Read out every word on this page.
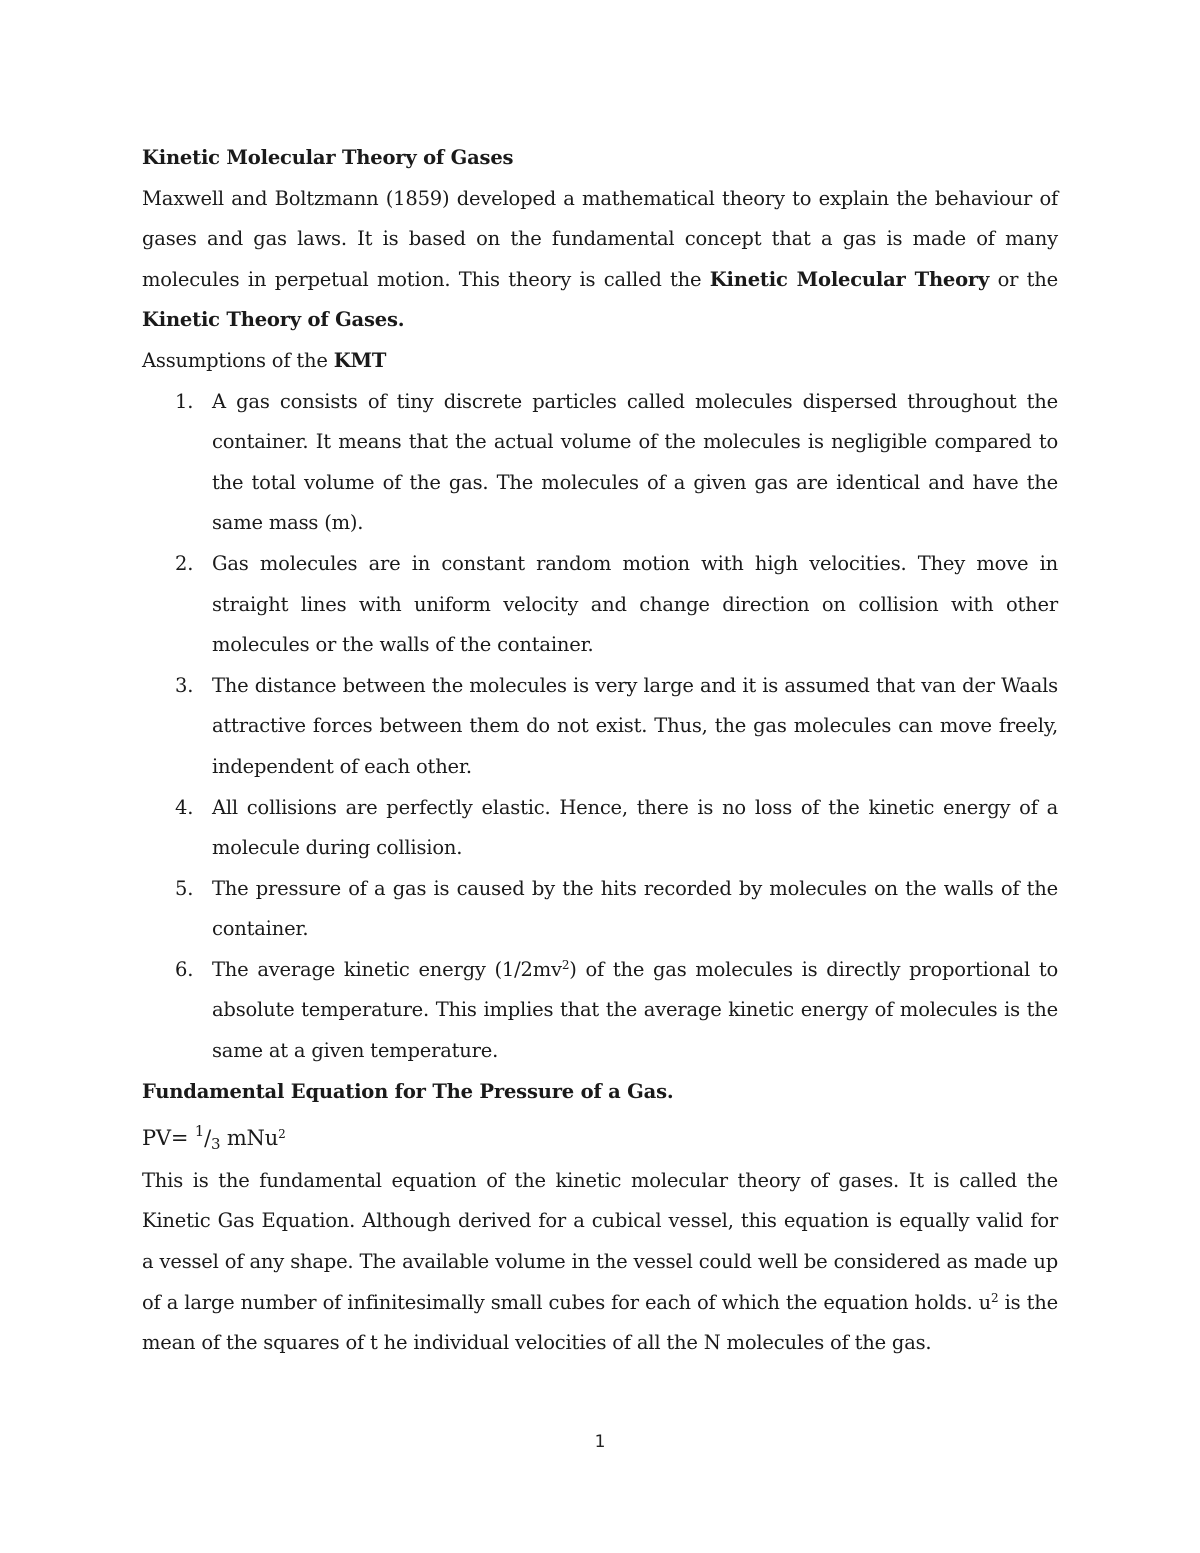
Kinetic Molecular Theory of Gases

Maxwell and Boltzmann (1859) developed a mathematical theory to explain the behaviour of gases and gas laws. It is based on the fundamental concept that a gas is made of many molecules in perpetual motion. This theory is called the Kinetic Molecular Theory or the Kinetic Theory of Gases.

Assumptions of the KMT

1. A gas consists of tiny discrete particles called molecules dispersed throughout the container. It means that the actual volume of the molecules is negligible compared to the total volume of the gas. The molecules of a given gas are identical and have the same mass (m).
2. Gas molecules are in constant random motion with high velocities. They move in straight lines with uniform velocity and change direction on collision with other molecules or the walls of the container.
3. The distance between the molecules is very large and it is assumed that van der Waals attractive forces between them do not exist. Thus, the gas molecules can move freely, independent of each other.
4. All collisions are perfectly elastic. Hence, there is no loss of the kinetic energy of a molecule during collision.
5. The pressure of a gas is caused by the hits recorded by molecules on the walls of the container.
6. The average kinetic energy $(1/2mv^2)$ of the gas molecules is directly proportional to absolute temperature. This implies that the average kinetic energy of molecules is the same at a given temperature.

Fundamental Equation for The Pressure of a Gas.

PV= $^1$/3 mNu$^2$

This is the fundamental equation of the kinetic molecular theory of gases. It is called the Kinetic Gas Equation. Although derived for a cubical vessel, this equation is equally valid for a vessel of any shape. The available volume in the vessel could well be considered as made up of a large number of infinitesimally small cubes for each of which the equation holds. $u^2$ is the mean of the squares of t he individual velocities of all the N molecules of the gas.

1
